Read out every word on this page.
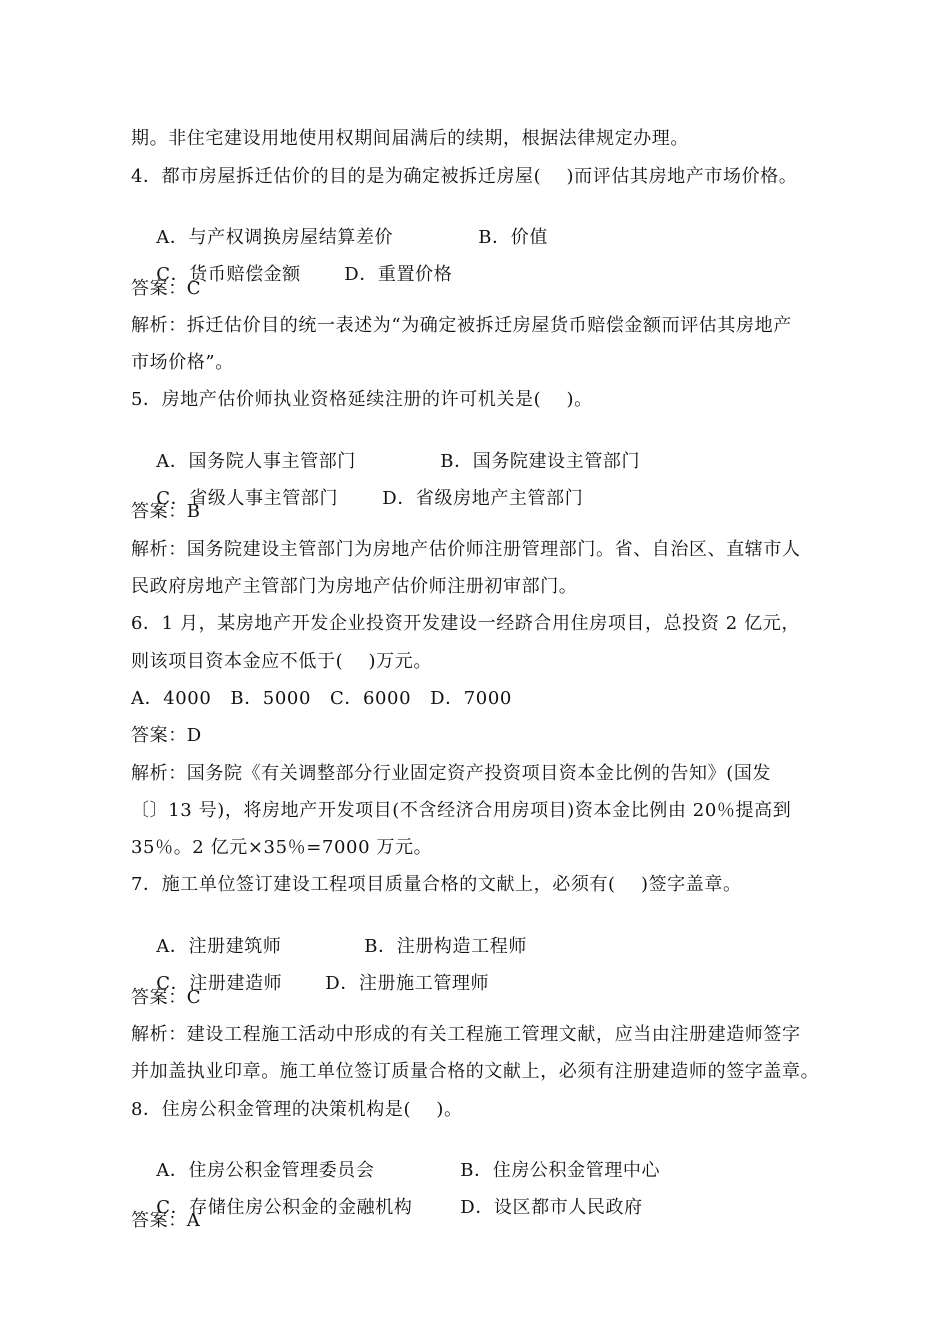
期。非住宅建设用地使用权期间届满后的续期，根据法律规定办理。
4．都市房屋拆迁估价的目的是为确定被拆迁房屋(    )而评估其房地产市场价格。

A．与产权调换房屋结算差价	B．价值

C．货币赔偿金额 D．重置价格

答案：C
解析：拆迁估价目的统一表述为“为确定被拆迁房屋货币赔偿金额而评估其房地产
市场价格”。
5．房地产估价师执业资格延续注册的许可机关是(    )。

A．国务院人事主管部门	B．国务院建设主管部门

C．省级人事主管部门 D．省级房地产主管部门

答案：B
解析：国务院建设主管部门为房地产估价师注册管理部门。省、自治区、直辖市人
民政府房地产主管部门为房地产估价师注册初审部门。
6．1 月，某房地产开发企业投资开发建设一经跻合用住房项目，总投资 2 亿元，
则该项目资本金应不低于(    )万元。
A．4000   B．5000   C．6000   D．7000
答案：D
解析：国务院《有关调整部分行业固定资产投资项目资本金比例的告知》(国发
〔〕13 号)，将房地产开发项目(不含经济合用房项目)资本金比例由 20％提高到
35％。2 亿元×35％=7000 万元。
7．施工单位签订建设工程项目质量合格的文献上，必须有(    )签字盖章。

A．注册建筑师	B．注册构造工程师

C．注册建造师 D．注册施工管理师

答案：C
解析：建设工程施工活动中形成的有关工程施工管理文献，应当由注册建造师签字
并加盖执业印章。施工单位签订质量合格的文献上，必须有注册建造师的签字盖章。
8．住房公积金管理的决策机构是(    )。

A．住房公积金管理委员会	B．住房公积金管理中心

C．存储住房公积金的金融机构	D．设区都市人民政府

答案：A
